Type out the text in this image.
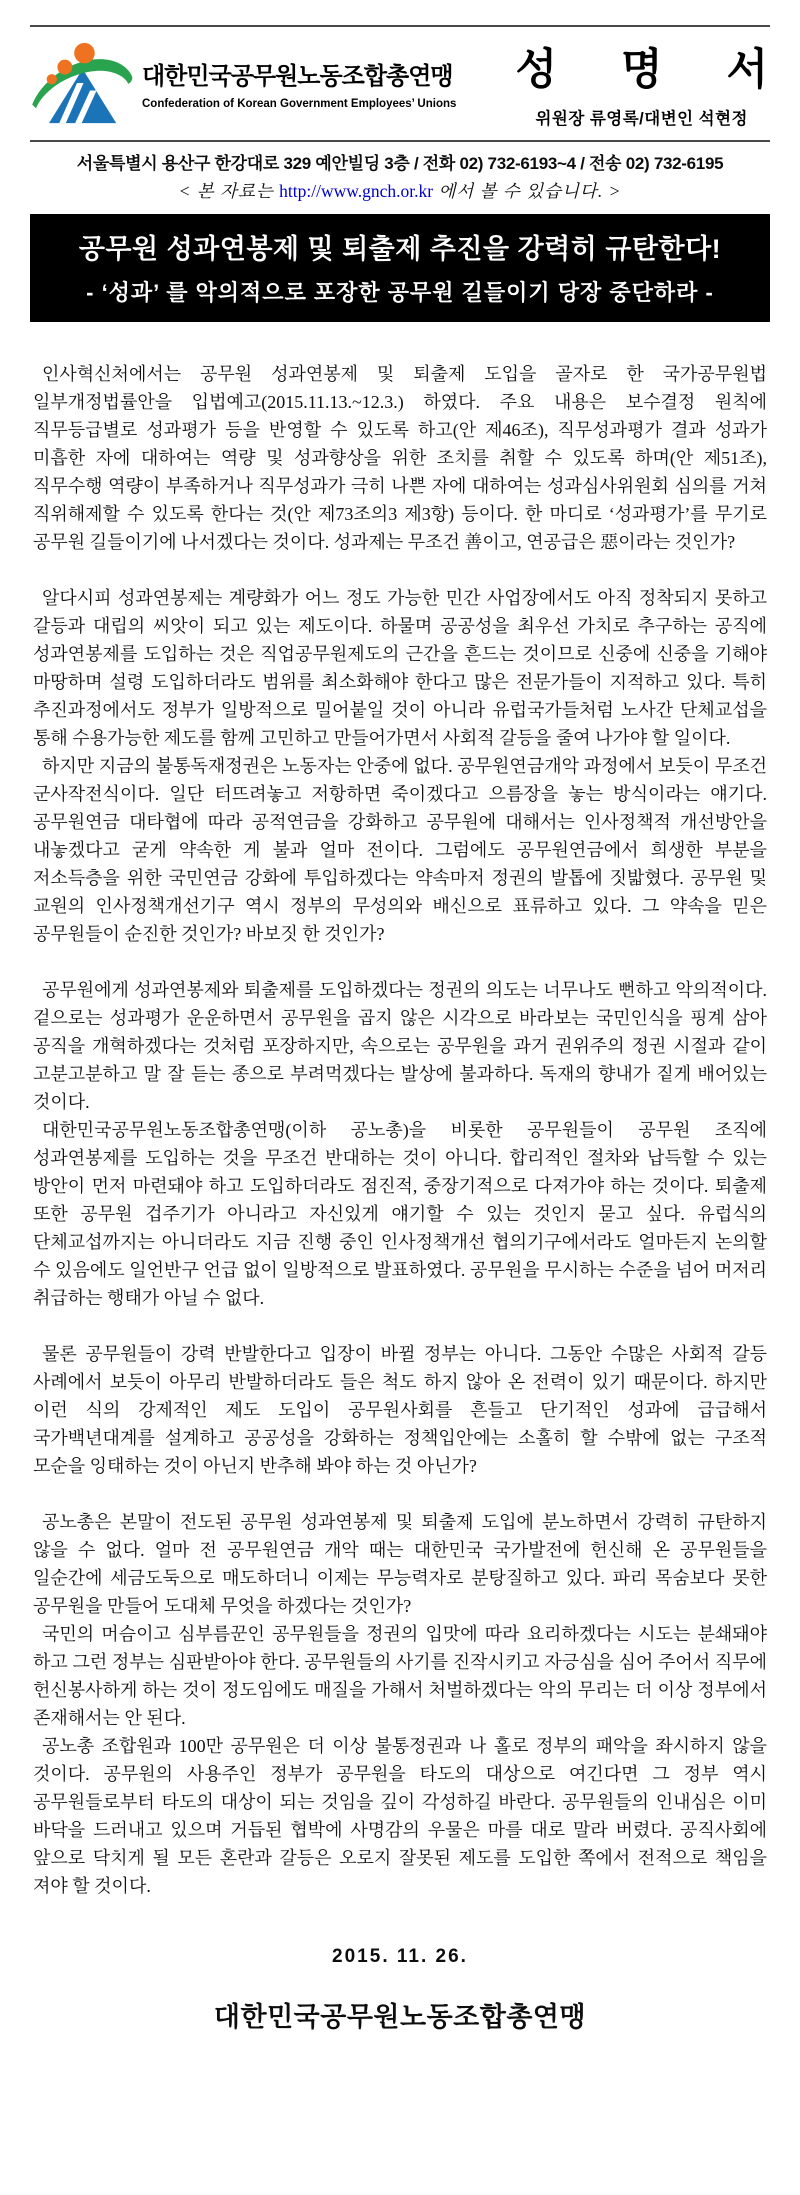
대한민국공무원노동조합총연맹
Confederation of Korean Government Employees’ Unions
성 명 서
위원장 류영록/대변인 석현정
서울특별시 용산구 한강대로 329 예안빌딩 3층 / 전화 02) 732-6193~4 / 전송 02) 732-6195
< 본 자료는 http://www.gnch.or.kr 에서 볼 수 있습니다. >
공무원 성과연봉제 및 퇴출제 추진을 강력히 규탄한다!
- ‘성과’ 를 악의적으로 포장한 공무원 길들이기 당장 중단하라 -

인사혁신처에서는 공무원 성과연봉제 및 퇴출제 도입을 골자로 한 국가공무원법 일부개정법률안을 입법예고(2015.11.13.~12.3.) 하였다. 주요 내용은 보수결정 원칙에 직무등급별로 성과평가 등을 반영할 수 있도록 하고(안 제46조), 직무성과평가 결과 성과가 미흡한 자에 대하여는 역량 및 성과향상을 위한 조치를 취할 수 있도록 하며(안 제51조), 직무수행 역량이 부족하거나 직무성과가 극히 나쁜 자에 대하여는 성과심사위원회 심의를 거쳐 직위해제할 수 있도록 한다는 것(안 제73조의3 제3항) 등이다. 한 마디로 ‘성과평가’를 무기로 공무원 길들이기에 나서겠다는 것이다. 성과제는 무조건 善이고, 연공급은 惡이라는 것인가?

알다시피 성과연봉제는 계량화가 어느 정도 가능한 민간 사업장에서도 아직 정착되지 못하고 갈등과 대립의 씨앗이 되고 있는 제도이다. 하물며 공공성을 최우선 가치로 추구하는 공직에 성과연봉제를 도입하는 것은 직업공무원제도의 근간을 흔드는 것이므로 신중에 신중을 기해야 마땅하며 설령 도입하더라도 범위를 최소화해야 한다고 많은 전문가들이 지적하고 있다. 특히 추진과정에서도 정부가 일방적으로 밀어붙일 것이 아니라 유럽국가들처럼 노사간 단체교섭을 통해 수용가능한 제도를 함께 고민하고 만들어가면서 사회적 갈등을 줄여 나가야 할 일이다.

하지만 지금의 불통독재정권은 노동자는 안중에 없다. 공무원연금개악 과정에서 보듯이 무조건 군사작전식이다. 일단 터뜨려놓고 저항하면 죽이겠다고 으름장을 놓는 방식이라는 얘기다. 공무원연금 대타협에 따라 공적연금을 강화하고 공무원에 대해서는 인사정책적 개선방안을 내놓겠다고 굳게 약속한 게 불과 얼마 전이다. 그럼에도 공무원연금에서 희생한 부분을 저소득층을 위한 국민연금 강화에 투입하겠다는 약속마저 정권의 발톱에 짓밟혔다. 공무원 및 교원의 인사정책개선기구 역시 정부의 무성의와 배신으로 표류하고 있다. 그 약속을 믿은 공무원들이 순진한 것인가? 바보짓 한 것인가?

공무원에게 성과연봉제와 퇴출제를 도입하겠다는 정권의 의도는 너무나도 뻔하고 악의적이다. 겉으로는 성과평가 운운하면서 공무원을 곱지 않은 시각으로 바라보는 국민인식을 핑계 삼아 공직을 개혁하겠다는 것처럼 포장하지만, 속으로는 공무원을 과거 권위주의 정권 시절과 같이 고분고분하고 말 잘 듣는 종으로 부려먹겠다는 발상에 불과하다. 독재의 향내가 짙게 배어있는 것이다.

대한민국공무원노동조합총연맹(이하 공노총)을 비롯한 공무원들이 공무원 조직에 성과연봉제를 도입하는 것을 무조건 반대하는 것이 아니다. 합리적인 절차와 납득할 수 있는 방안이 먼저 마련돼야 하고 도입하더라도 점진적, 중장기적으로 다져가야 하는 것이다. 퇴출제 또한 공무원 겁주기가 아니라고 자신있게 얘기할 수 있는 것인지 묻고 싶다. 유럽식의 단체교섭까지는 아니더라도 지금 진행 중인 인사정책개선 협의기구에서라도 얼마든지 논의할 수 있음에도 일언반구 언급 없이 일방적으로 발표하였다. 공무원을 무시하는 수준을 넘어 머저리 취급하는 행태가 아닐 수 없다.

물론 공무원들이 강력 반발한다고 입장이 바뀔 정부는 아니다. 그동안 수많은 사회적 갈등 사례에서 보듯이 아무리 반발하더라도 들은 척도 하지 않아 온 전력이 있기 때문이다. 하지만 이런 식의 강제적인 제도 도입이 공무원사회를 흔들고 단기적인 성과에 급급해서 국가백년대계를 설계하고 공공성을 강화하는 정책입안에는 소홀히 할 수밖에 없는 구조적 모순을 잉태하는 것이 아닌지 반추해 봐야 하는 것 아닌가?

공노총은 본말이 전도된 공무원 성과연봉제 및 퇴출제 도입에 분노하면서 강력히 규탄하지 않을 수 없다. 얼마 전 공무원연금 개악 때는 대한민국 국가발전에 헌신해 온 공무원들을 일순간에 세금도둑으로 매도하더니 이제는 무능력자로 분탕질하고 있다. 파리 목숨보다 못한 공무원을 만들어 도대체 무엇을 하겠다는 것인가?

국민의 머슴이고 심부름꾼인 공무원들을 정권의 입맛에 따라 요리하겠다는 시도는 분쇄돼야 하고 그런 정부는 심판받아야 한다. 공무원들의 사기를 진작시키고 자긍심을 심어 주어서 직무에 헌신봉사하게 하는 것이 정도임에도 매질을 가해서 처벌하겠다는 악의 무리는 더 이상 정부에서 존재해서는 안 된다.

공노총 조합원과 100만 공무원은 더 이상 불통정권과 나 홀로 정부의 패악을 좌시하지 않을 것이다. 공무원의 사용주인 정부가 공무원을 타도의 대상으로 여긴다면 그 정부 역시 공무원들로부터 타도의 대상이 되는 것임을 깊이 각성하길 바란다. 공무원들의 인내심은 이미 바닥을 드러내고 있으며 거듭된 협박에 사명감의 우물은 마를 대로 말라 버렸다. 공직사회에 앞으로 닥치게 될 모든 혼란과 갈등은 오로지 잘못된 제도를 도입한 쪽에서 전적으로 책임을 져야 할 것이다.

2015. 11. 26.
대한민국공무원노동조합총연맹
